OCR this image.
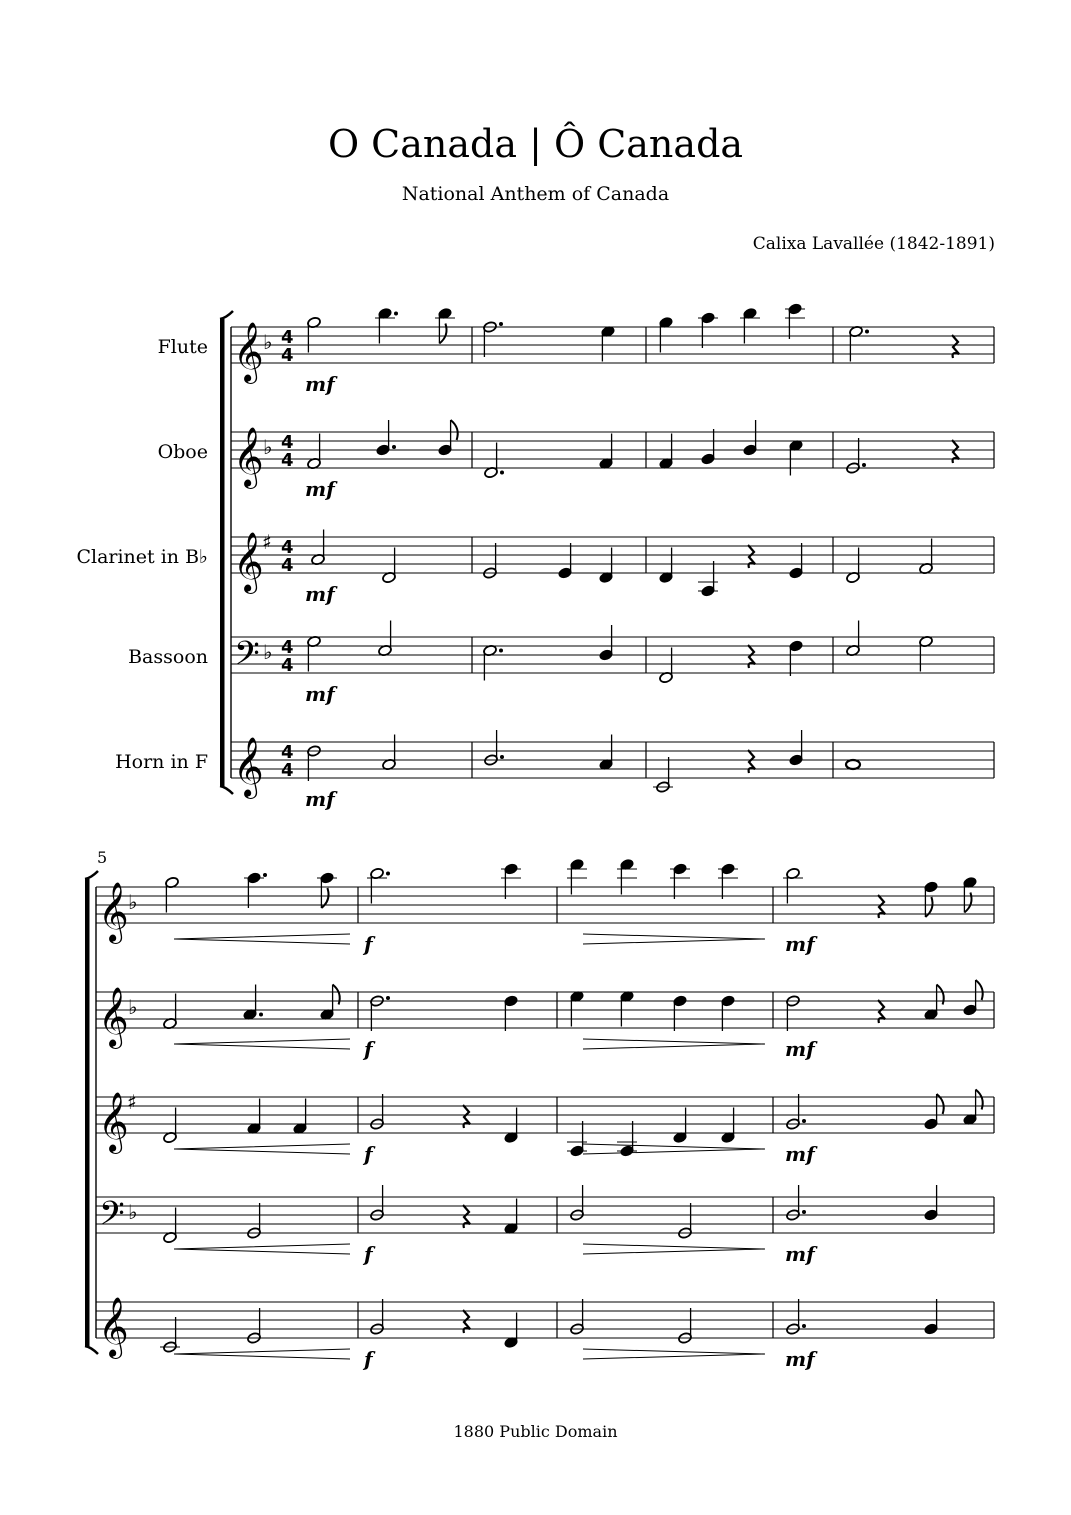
O Canada | Ô Canada
National Anthem of Canada
Calixa Lavallée (1842-1891)
𝄞 ♭ 4
4
𝄞 ♭ 4
4
𝄞
♯ 4
4
𝄢 ♭ 4
4
𝄞 4
4
𝄞 ♭
𝄞 ♭
𝄞
♯
𝄢 ♭
𝄞
Flute
Oboe
Clarinet in B♭
Bassoon
Horn in F
5
mf
mf
mf
mf
mf
f	mf
f	mf
f	mf
f	mf
f	mf
1880 Public Domain
